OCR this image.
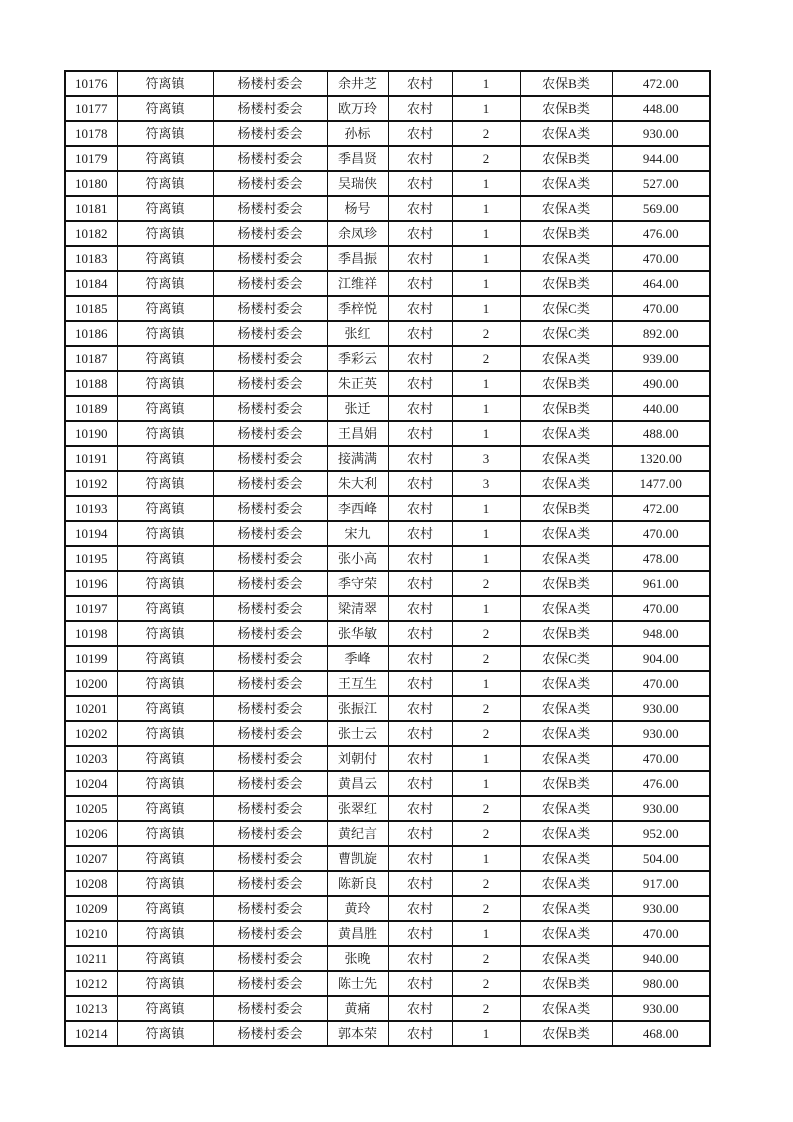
10176	符离镇	杨楼村委会	余井芝	农村	1	农保B类	472.00
10177	符离镇	杨楼村委会	欧万玲	农村	1	农保B类	448.00
10178	符离镇	杨楼村委会	孙标	农村	2	农保A类	930.00
10179	符离镇	杨楼村委会	季昌贤	农村	2	农保B类	944.00
10180	符离镇	杨楼村委会	吴瑞侠	农村	1	农保A类	527.00
10181	符离镇	杨楼村委会	杨号	农村	1	农保A类	569.00
10182	符离镇	杨楼村委会	余凤珍	农村	1	农保B类	476.00
10183	符离镇	杨楼村委会	季昌振	农村	1	农保A类	470.00
10184	符离镇	杨楼村委会	江维祥	农村	1	农保B类	464.00
10185	符离镇	杨楼村委会	季梓悦	农村	1	农保C类	470.00
10186	符离镇	杨楼村委会	张红	农村	2	农保C类	892.00
10187	符离镇	杨楼村委会	季彩云	农村	2	农保A类	939.00
10188	符离镇	杨楼村委会	朱正英	农村	1	农保B类	490.00
10189	符离镇	杨楼村委会	张迁	农村	1	农保B类	440.00
10190	符离镇	杨楼村委会	王昌娟	农村	1	农保A类	488.00
10191	符离镇	杨楼村委会	接满满	农村	3	农保A类	1320.00
10192	符离镇	杨楼村委会	朱大利	农村	3	农保A类	1477.00
10193	符离镇	杨楼村委会	李西峰	农村	1	农保B类	472.00
10194	符离镇	杨楼村委会	宋九	农村	1	农保A类	470.00
10195	符离镇	杨楼村委会	张小高	农村	1	农保A类	478.00
10196	符离镇	杨楼村委会	季守荣	农村	2	农保B类	961.00
10197	符离镇	杨楼村委会	梁清翠	农村	1	农保A类	470.00
10198	符离镇	杨楼村委会	张华敏	农村	2	农保B类	948.00
10199	符离镇	杨楼村委会	季峰	农村	2	农保C类	904.00
10200	符离镇	杨楼村委会	王互生	农村	1	农保A类	470.00
10201	符离镇	杨楼村委会	张振江	农村	2	农保A类	930.00
10202	符离镇	杨楼村委会	张士云	农村	2	农保A类	930.00
10203	符离镇	杨楼村委会	刘朝付	农村	1	农保A类	470.00
10204	符离镇	杨楼村委会	黄昌云	农村	1	农保B类	476.00
10205	符离镇	杨楼村委会	张翠红	农村	2	农保A类	930.00
10206	符离镇	杨楼村委会	黄纪言	农村	2	农保A类	952.00
10207	符离镇	杨楼村委会	曹凯旋	农村	1	农保A类	504.00
10208	符离镇	杨楼村委会	陈新良	农村	2	农保A类	917.00
10209	符离镇	杨楼村委会	黄玲	农村	2	农保A类	930.00
10210	符离镇	杨楼村委会	黄昌胜	农村	1	农保A类	470.00
10211	符离镇	杨楼村委会	张晚	农村	2	农保A类	940.00
10212	符离镇	杨楼村委会	陈士先	农村	2	农保B类	980.00
10213	符离镇	杨楼村委会	黄痛	农村	2	农保A类	930.00
10214	符离镇	杨楼村委会	郭本荣	农村	1	农保B类	468.00
